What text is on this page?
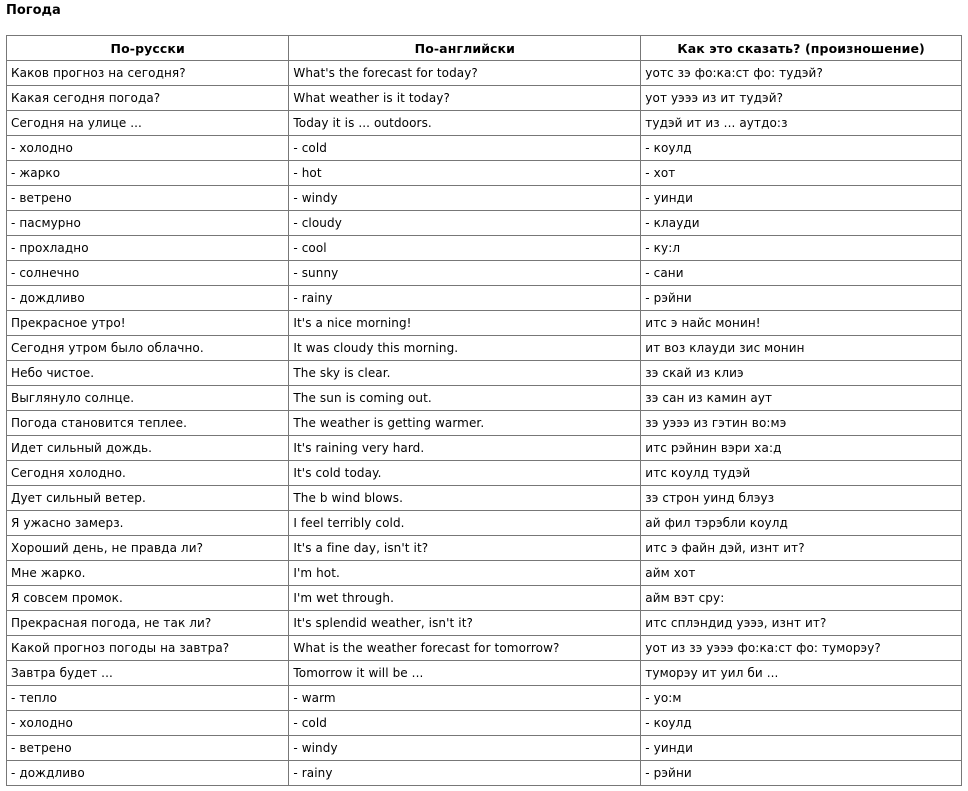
Погода
По-русски	По-английски	Как это сказать? (произношение)
Каков прогноз на сегодня?	What's the forecast for today?	уотс зэ фо:ка:ст фо: тудэй?
Какая сегодня погода?	What weather is it today?	уот уэээ из ит тудэй?
Сегодня на улице ...	Today it is ... outdoors.	тудэй ит из ... аутдо:з
- холодно	- cold	- коулд
- жарко	- hot	- хот
- ветрено	- windy	- уинди
- пасмурно	- cloudy	- клауди
- прохладно	- cool	- ку:л
- солнечно	- sunny	- сани
- дождливо	- rainy	- рэйни
Прекрасное утро!	It's a nice morning!	итс э найс монин!
Сегодня утром было облачно.	It was cloudy this morning.	ит воз клауди зис монин
Небо чистое.	The sky is clear.	зэ скай из клиэ
Выглянуло солнце.	The sun is coming out.	зэ сан из камин аут
Погода становится теплее.	The weather is getting warmer.	зэ уэээ из гэтин во:мэ
Идет сильный дождь.	It's raining very hard.	итс рэйнин вэри ха:д
Сегодня холодно.	It's cold today.	итс коулд тудэй
Дует сильный ветер.	The b wind blows.	зэ строн уинд блэуз
Я ужасно замерз.	I feel terribly cold.	ай фил тэрэбли коулд
Хороший день, не правда ли?	It's a fine day, isn't it?	итс э файн дэй, изнт ит?
Мне жарко.	I'm hot.	айм хот
Я совсем промок.	I'm wet through.	айм вэт сру:
Прекрасная погода, не так ли?	It's splendid weather, isn't it?	итс сплэндид уэээ, изнт ит?
Какой прогноз погоды на завтра?	What is the weather forecast for tomorrow?	уот из зэ уэээ фо:ка:ст фо: туморэу?
Завтра будет ...	Tomorrow it will be ...	туморэу ит уил би ...
- тепло	- warm	- уо:м
- холодно	- cold	- коулд
- ветрено	- windy	- уинди
- дождливо	- rainy	- рэйни
